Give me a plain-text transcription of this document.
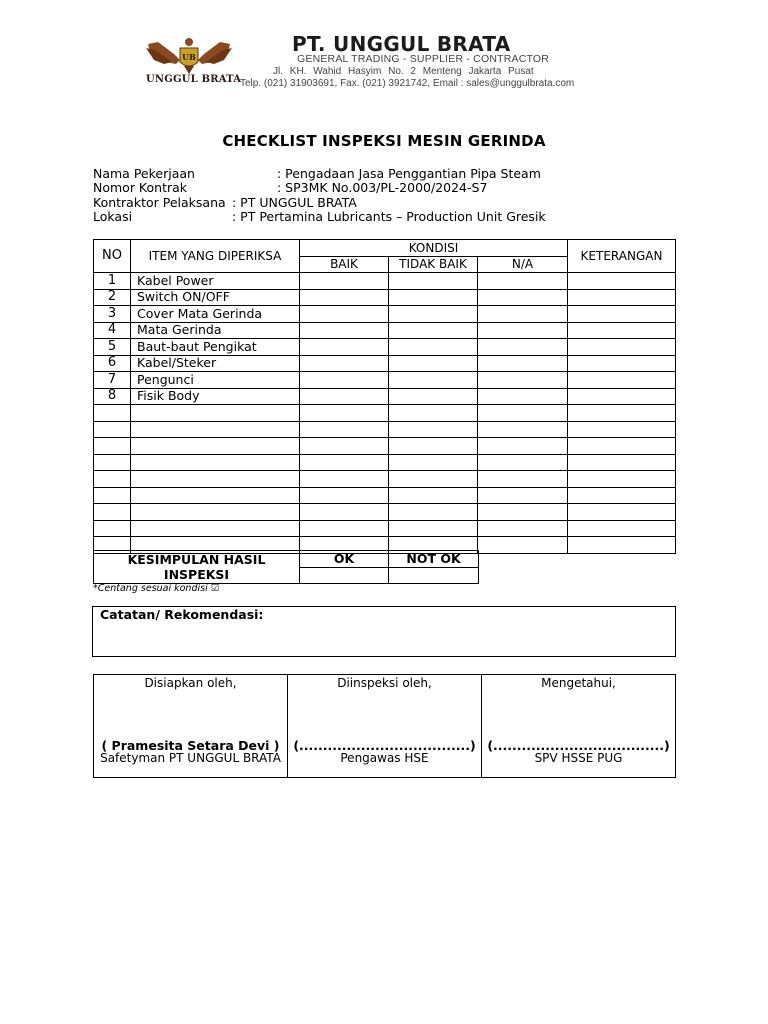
UB
UNGGUL BRATA
PT. UNGGUL BRATA
GENERAL TRADING - SUPPLIER - CONTRACTOR
Jl. KH. Wahid Hasyim No. 2 Menteng Jakarta Pusat
Telp. (021) 31903691, Fax. (021) 3921742, Email : sales@unggulbrata.com
CHECKLIST INSPEKSI MESIN GERINDA
Nama Pekerjaan	: Pengadaan Jasa Penggantian Pipa Steam
Nomor Kontrak	: SP3MK No.003/PL-2000/2024-S7
Kontraktor Pelaksana : PT UNGGUL BRATA
Lokasi	: PT Pertamina Lubricants – Production Unit Gresik
NO	ITEM YANG DIPERIKSA	KONDISI			KETERANGAN
		BAIK	TIDAK BAIK	N/A	
1	Kabel Power				
2	Switch ON/OFF				
3	Cover Mata Gerinda				
4	Mata Gerinda				
5	Baut-baut Pengikat				
6	Kabel/Steker				
7	Pengunci				
8	Fisik Body				

KESIMPULAN HASIL INSPEKSI	OK	NOT OK

*Centang sesuai kondisi ☑
Catatan/ Rekomendasi:
Disiapkan oleh,
( Pramesita Setara Devi )
Safetyman PT UNGGUL BRATA

Diinspeksi oleh,
(....................................)
Pengawas HSE

Mengetahui,
(....................................)
SPV HSSE PUG
